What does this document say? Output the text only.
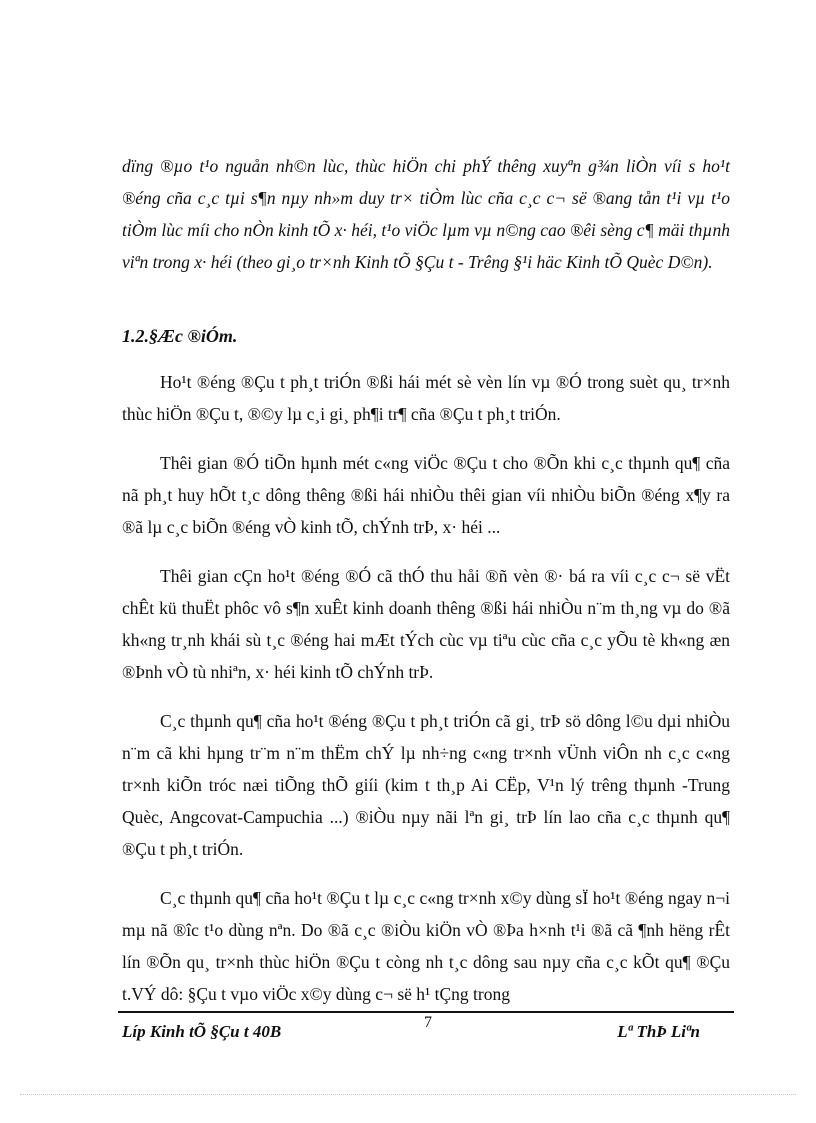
dïng ®µo t¹o nguån nh©n lùc, thùc hiÖn chi phÝ thêng xuyªn g¾n liÒn víi s ho¹t ®éng cña c¸c tµi s¶n nµy nh»m duy tr× tiÒm lùc cña c¸c c¬ së ®ang tån t¹i vµ t¹o tiÒm lùc míi cho nÒn kinh tÕ x· héi, t¹o viÖc lµm vµ n©ng cao ®êi sèng c¶ mäi thµnh viªn trong x· héi (theo gi¸o tr×nh Kinh tÕ §Çu t - Trêng §¹i häc Kinh tÕ Quèc D©n).
1.2.§Æc ®iÓm.

Ho¹t ®éng ®Çu t ph¸t triÓn ®ßi hái mét sè vèn lín vµ ®Ó trong suèt qu¸ tr×nh thùc hiÖn ®Çu t, ®©y lµ c¸i gi¸ ph¶i tr¶ cña ®Çu t ph¸t triÓn.

Thêi gian ®Ó tiÕn hµnh mét c«ng viÖc ®Çu t cho ®Õn khi c¸c thµnh qu¶ cña nã ph¸t huy hÕt t¸c dông thêng ®ßi hái nhiÒu thêi gian víi nhiÒu biÕn ®éng x¶y ra ®ã lµ c¸c biÕn ®éng vÒ kinh tÕ, chÝnh trÞ, x· héi ...

Thêi gian cÇn ho¹t ®éng ®Ó cã thÓ thu håi ®ñ vèn ®· bá ra víi c¸c c¬ së vËt chÊt kü thuËt phôc vô s¶n xuÊt kinh doanh thêng ®ßi hái nhiÒu n¨m th¸ng vµ do ®ã kh«ng tr¸nh khái sù t¸c ®éng hai mÆt tÝch cùc vµ tiªu cùc cña c¸c yÕu tè kh«ng æn ®Þnh vÒ tù nhiªn, x· héi kinh tÕ chÝnh trÞ.

C¸c thµnh qu¶ cña ho¹t ®éng ®Çu t ph¸t triÓn cã gi¸ trÞ sö dông l©u dµi nhiÒu n¨m cã khi hµng tr¨m n¨m thËm chÝ lµ nh÷ng c«ng tr×nh vÜnh viÔn nh c¸c c«ng tr×nh kiÕn tróc næi tiÕng thÕ giíi (kim t th¸p Ai CËp, V¹n lý trêng thµnh -Trung Quèc, Angcovat-Campuchia ...) ®iÒu nµy nãi lªn gi¸ trÞ lín lao cña c¸c thµnh qu¶ ®Çu t ph¸t triÓn.

C¸c thµnh qu¶ cña ho¹t ®Çu t lµ c¸c c«ng tr×nh x©y dùng sÏ ho¹t ®éng ngay n¬i mµ nã ®îc t¹o dùng nªn. Do ®ã c¸c ®iÒu kiÖn vÒ ®Þa h×nh t¹i ®ã cã ¶nh hëng rÊt lín ®Õn qu¸ tr×nh thùc hiÖn ®Çu t còng nh t¸c dông sau nµy cña c¸c kÕt qu¶ ®Çu t.VÝ dô: §Çu t vµo viÖc x©y dùng c¬ së h¹ tÇng trong

Líp Kinh tÕ §Çu t 40B	7	Lª ThÞ Liªn
